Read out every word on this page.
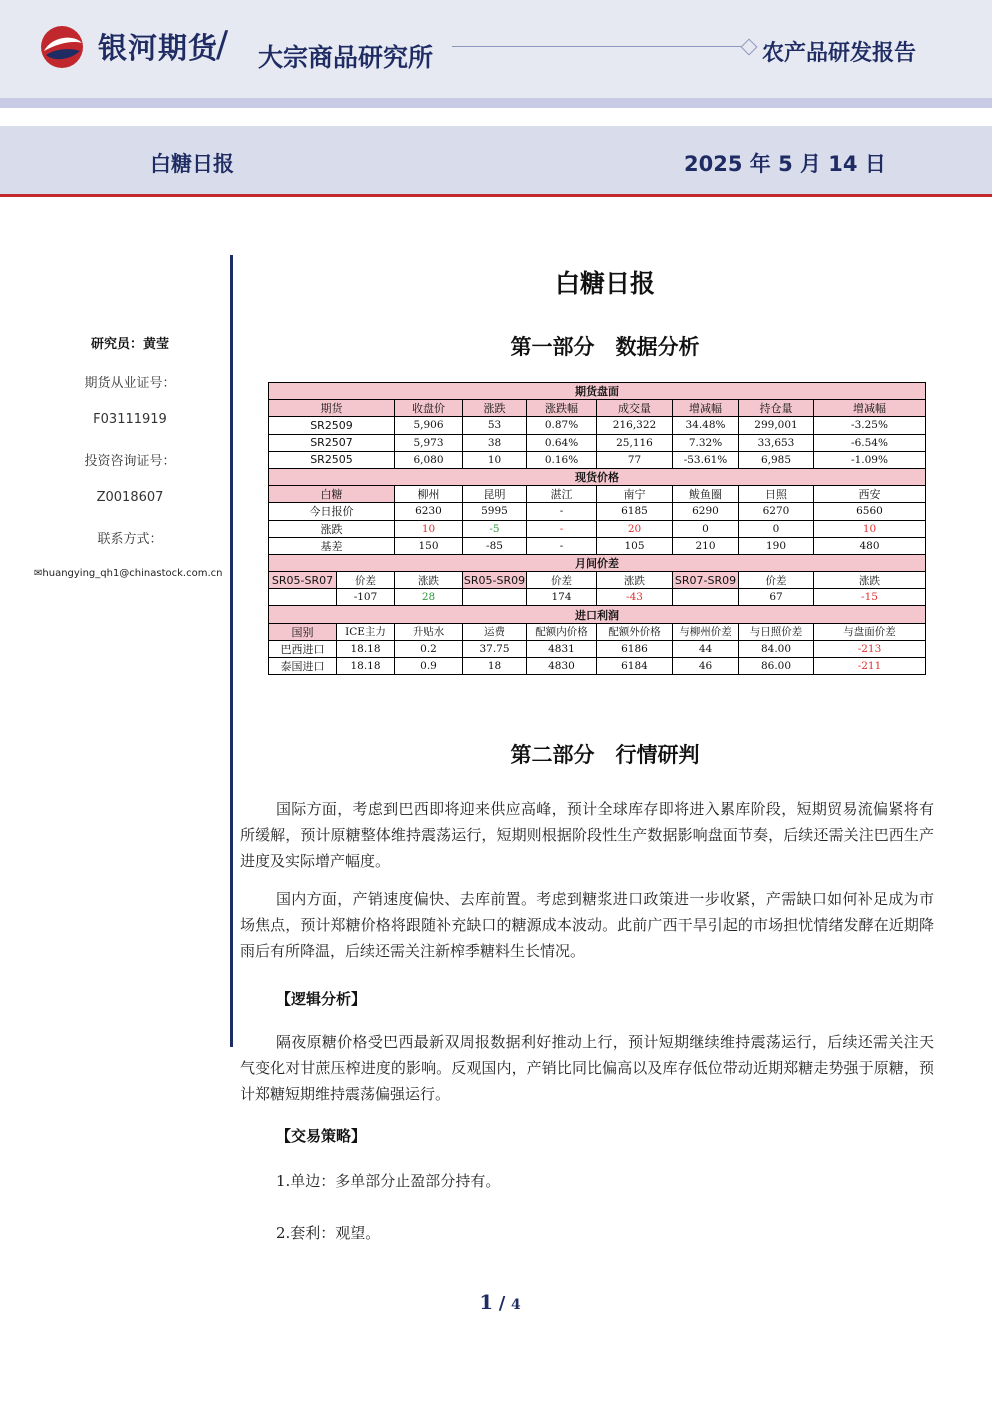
银河期货
/ 大宗商品研究所	农产品研发报告
白糖日报	2025 年 5 月 14 日
研究员：黄莹
期货从业证号：
F03111919
投资咨询证号：
Z0018607
联系方式：
✉huangying_qh1@chinastock.com.cn
白糖日报
第一部分　数据分析
期货盘面								
期货		收盘价	涨跌	涨跌幅	成交量	增减幅	持仓量	增减幅
SR2509		5,906	53	0.87%	216,322	34.48%	299,001	-3.25%
SR2507		5,973	38	0.64%	25,116	7.32%	33,653	-6.54%
SR2505		6,080	10	0.16%	77	-53.61%	6,985	-1.09%
现货价格								
白糖		柳州	昆明	湛江	南宁	鲅鱼圈	日照	西安
今日报价		6230	5995	-	6185	6290	6270	6560
涨跌		10	-5	-	20	0	0	10
基差		150	-85	-	105	210	190	480
月间价差								
SR05-SR07	价差	涨跌	SR05-SR09	价差	涨跌	SR07-SR09	价差	涨跌
	-107	28		174	-43		67	-15
进口利润								
国别	ICE主力	升贴水	运费	配额内价格	配额外价格	与柳州价差	与日照价差	与盘面价差
巴西进口	18.18	0.2	37.75	4831	6186	44	84.00	-213
泰国进口	18.18	0.9	18	4830	6184	46	86.00	-211
第二部分　行情研判

国际方面，考虑到巴西即将迎来供应高峰，预计全球库存即将进入累库阶段，短期贸易流偏紧将有所缓解，预计原糖整体维持震荡运行，短期则根据阶段性生产数据影响盘面节奏，后续还需关注巴西生产进度及实际增产幅度。

国内方面，产销速度偏快、去库前置。考虑到糖浆进口政策进一步收紧，产需缺口如何补足成为市场焦点，预计郑糖价格将跟随补充缺口的糖源成本波动。此前广西干旱引起的市场担忧情绪发酵在近期降雨后有所降温，后续还需关注新榨季糖料生长情况。

【逻辑分析】

隔夜原糖价格受巴西最新双周报数据利好推动上行，预计短期继续维持震荡运行，后续还需关注天气变化对甘蔗压榨进度的影响。反观国内，产销比同比偏高以及库存低位带动近期郑糖走势强于原糖，预计郑糖短期维持震荡偏强运行。

【交易策略】
1.单边：多单部分止盈部分持有。
2.套利：观望。
1 / 4
